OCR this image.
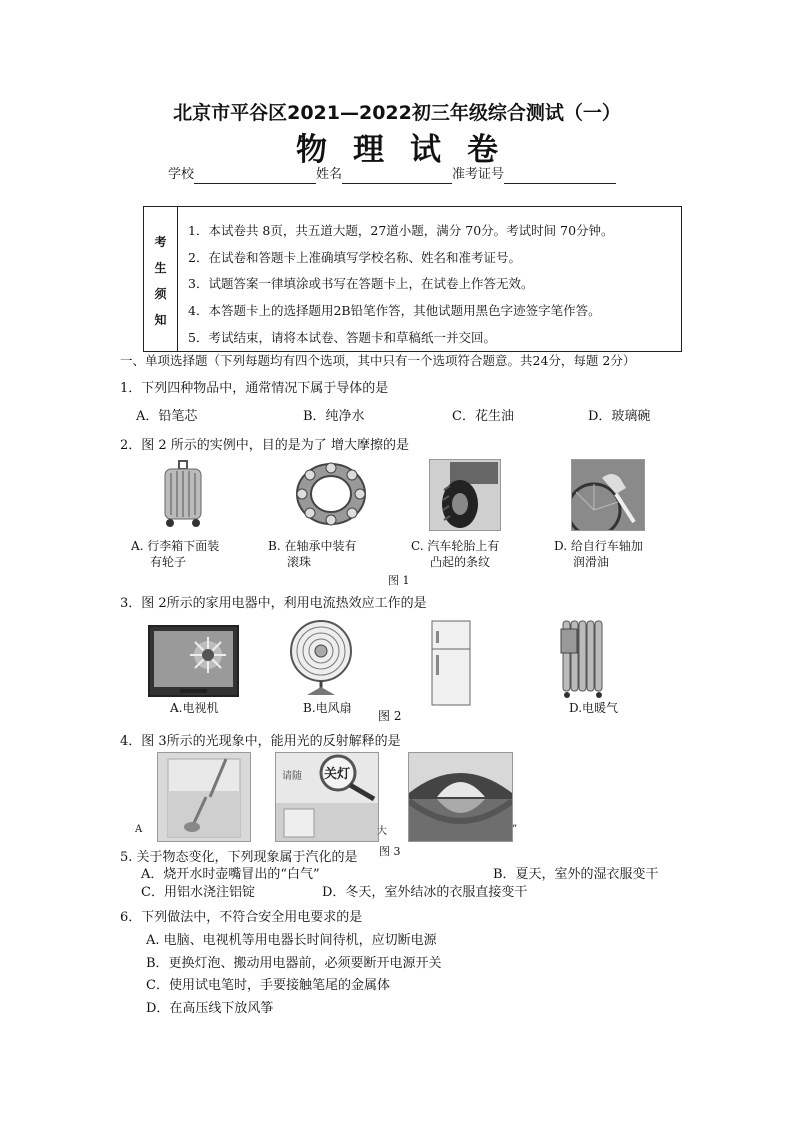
北京市平谷区2021—2022初三年级综合测试（一）
物理试卷
学校	姓名	准考证号
考
生
须
知
1．本试卷共 8页，共五道大题，27道小题，满分 70分。考试时间 70分钟。
2．在试卷和答题卡上准确填写学校名称、姓名和准考证号。
3．试题答案一律填涂或书写在答题卡上，在试卷上作答无效。
4．本答题卡上的选择题用2B铅笔作答，其他试题用黑色字迹签字笔作答。
5．考试结束，请将本试卷、答题卡和草稿纸一并交回。
一、单项选择题（下列每题均有四个选项，其中只有一个选项符合题意。共24分，每题 2分）
1．下列四种物品中，通常情况下属于导体的是
A．铅笔芯	B．纯净水	C．花生油	D．玻璃碗
2．图 2 所示的实例中，目的是为了 增大摩擦的是
A. 行李箱下面装
有轮子
B. 在轴承中装有
滚珠
C. 汽车轮胎上有
凸起的条纹
D. 给自行车轴加
润滑油
图 1
3．图 2所示的家用电器中，利用电流热效应工作的是
A.电视机	B.电风扇
图 2
D.电暖气
4．图 3所示的光现象中，能用光的反射解释的是
A⁠
请随 关灯
大	”
图 3
5. 关于物态变化，下列现象属于汽化的是
A．烧开水时壶嘴冒出的“白气”	B．夏天，室外的湿衣服变干
C．用铝水浇注铝锭	D．冬天，室外结冰的衣服直接变干
6．下列做法中，不符合安全用电要求的是
A. 电脑、电视机等用电器长时间待机，应切断电源
B．更换灯泡、搬动用电器前，必须要断开电源开关
C．使用试电笔时，手要接触笔尾的金属体
D．在高压线下放风筝
